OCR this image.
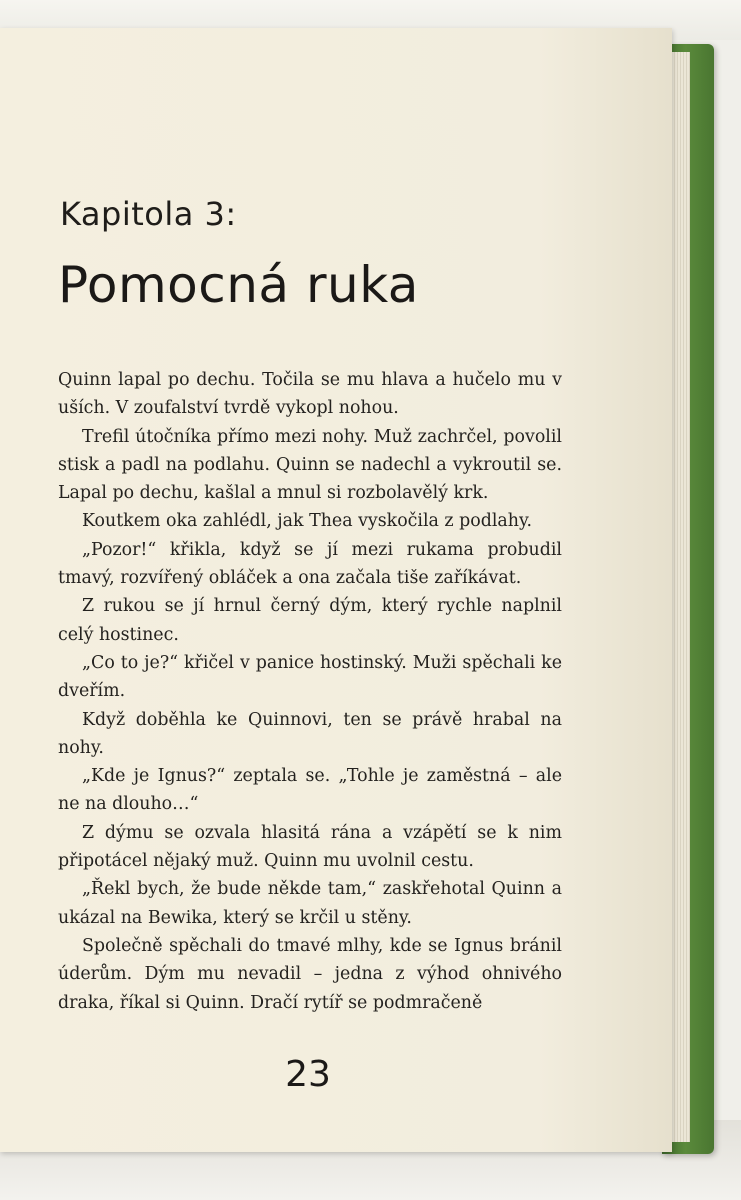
Kapitola 3:
Pomocná ruka

Quinn lapal po dechu. Točila se mu hlava a hučelo mu v uších. V zoufalství tvrdě vykopl nohou.

Trefil útočníka přímo mezi nohy. Muž zachrčel, povolil stisk a padl na podlahu. Quinn se nadechl a vykroutil se. Lapal po dechu, kašlal a mnul si rozbolavělý krk.

Koutkem oka zahlédl, jak Thea vyskočila z podlahy.

„Pozor!“ křikla, když se jí mezi rukama probudil tmavý, rozvířený obláček a ona začala tiše zaříkávat.

Z rukou se jí hrnul černý dým, který rychle naplnil celý hostinec.

„Co to je?“ křičel v panice hostinský. Muži spěchali ke dveřím.

Když doběhla ke Quinnovi, ten se právě hrabal na nohy.

„Kde je Ignus?“ zeptala se. „Tohle je zaměstná – ale ne na dlouho…“

Z dýmu se ozvala hlasitá rána a vzápětí se k nim připotácel nějaký muž. Quinn mu uvolnil cestu.

„Řekl bych, že bude někde tam,“ zaskřehotal Quinn a ukázal na Bewika, který se krčil u stěny.

Společně spěchali do tmavé mlhy, kde se Ignus bránil úderům. Dým mu nevadil – jedna z výhod ohnivého draka, říkal si Quinn. Dračí rytíř se podmračeně

23
